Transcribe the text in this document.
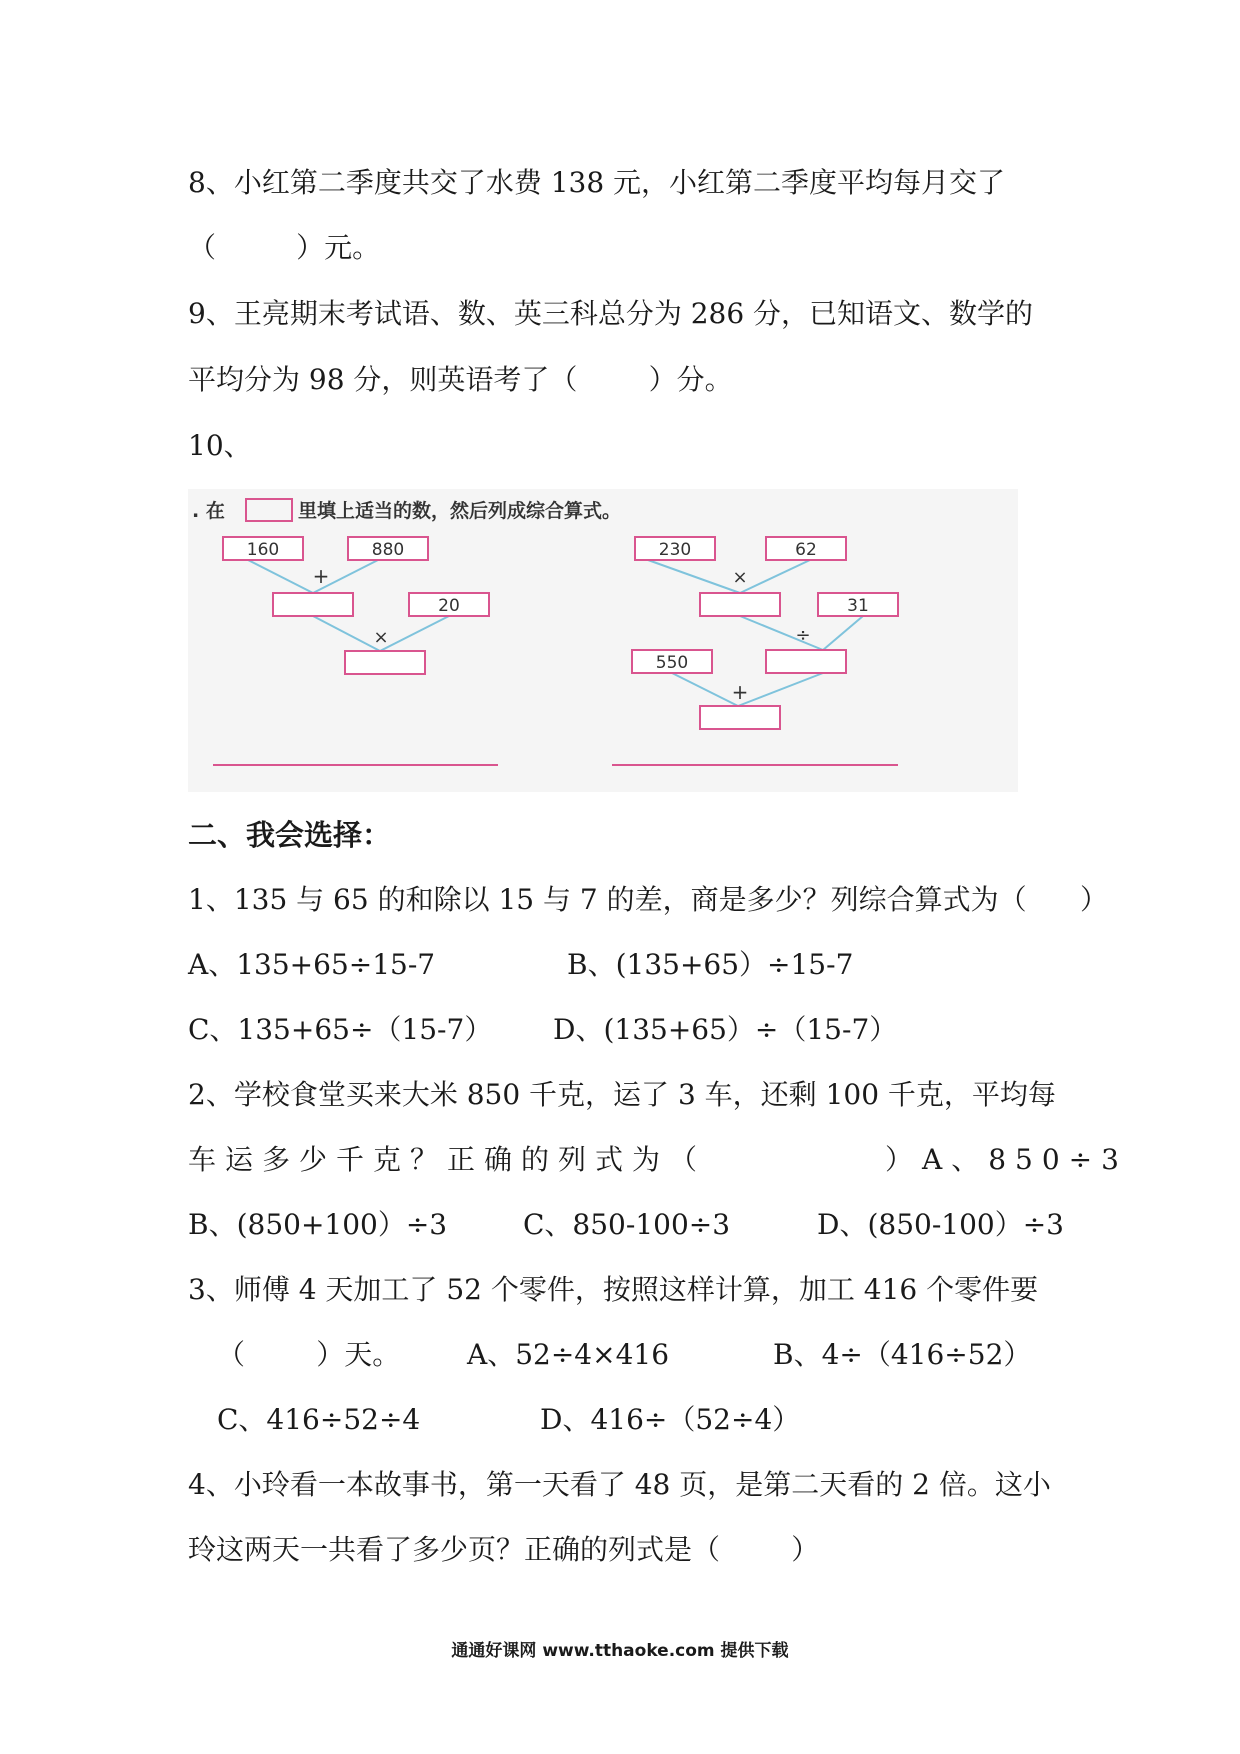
8、小红第二季度共交了水费 138 元，小红第二季度平均每月交了
（         ）元。
9、王亮期末考试语、数、英三科总分为 286 分，已知语文、数学的
平均分为 98 分，则英语考了（        ）分。
10、
. 在	里填上适当的数，然后列成综合算式。
160	880
20
+
×
230	62
31
550
×
÷
+
二、我会选择：
1、135 与 65 的和除以 15 与 7 的差，商是多少？列综合算式为（      ）
A、135+65÷15-7	B、(135+65）÷15-7
C、135+65÷（15-7） D、(135+65）÷（15-7）
2、学校食堂买来大米 850 千克，运了 3 车，还剩 100 千克，平均每
车运多少千克？正确的列式为（          ）A、850÷3
B、(850+100）÷3	C、850-100÷3	D、(850-100）÷3
3、师傅 4 天加工了 52 个零件，按照这样计算，加工 416 个零件要
（        ）天。 A、52÷4×416	B、4÷（416÷52）
C、416÷52÷4	D、416÷（52÷4）
4、小玲看一本故事书，第一天看了 48 页，是第二天看的 2 倍。这小
玲这两天一共看了多少页？正确的列式是（        ）
通通好课网 www.tthaoke.com 提供下载
